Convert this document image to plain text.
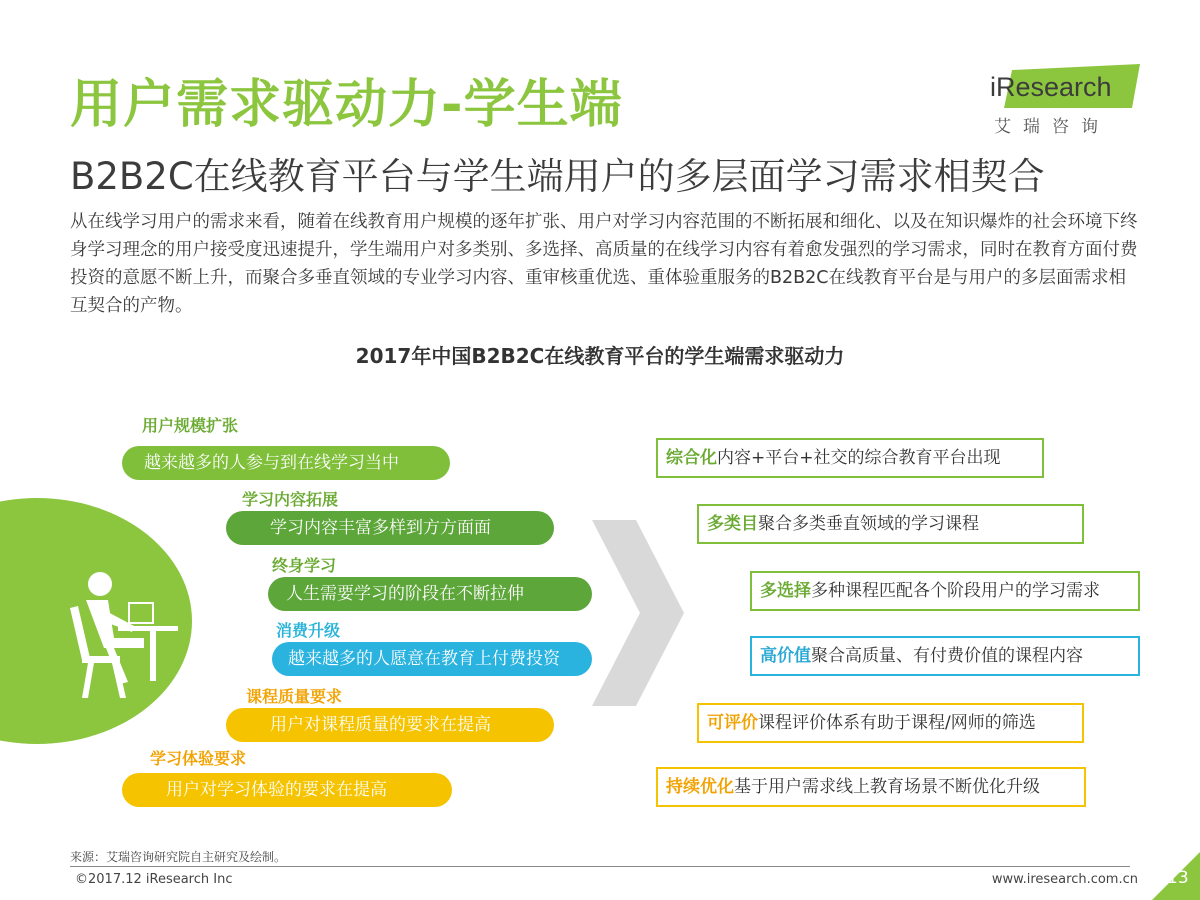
用户需求驱动力-学生端
B2B2C在线教育平台与学生端用户的多层面学习需求相契合
iResearch
艾瑞咨询
从在线学习用户的需求来看，随着在线教育用户规模的逐年扩张、用户对学习内容范围的不断拓展和细化、以及在知识爆炸的社会环境下终身学习理念的用户接受度迅速提升，学生端用户对多类别、多选择、高质量的在线学习内容有着愈发强烈的学习需求，同时在教育方面付费投资的意愿不断上升，而聚合多垂直领域的专业学习内容、重审核重优选、重体验重服务的B2B2C在线教育平台是与用户的多层面需求相互契合的产物。
2017年中国B2B2C在线教育平台的学生端需求驱动力
用户规模扩张
越来越多的人参与到在线学习当中
学习内容拓展
学习内容丰富多样到方方面面
终身学习
人生需要学习的阶段在不断拉伸
消费升级
越来越多的人愿意在教育上付费投资
课程质量要求
用户对课程质量的要求在提高
学习体验要求
用户对学习体验的要求在提高
综合化内容+平台+社交的综合教育平台出现
多类目聚合多类垂直领域的学习课程
多选择多种课程匹配各个阶段用户的学习需求
高价值聚合高质量、有付费价值的课程内容
可评价课程评价体系有助于课程/网师的筛选
持续优化基于用户需求线上教育场景不断优化升级
来源：艾瑞咨询研究院自主研究及绘制。
©2017.12 iResearch Inc	www.iresearch.com.cn 13
